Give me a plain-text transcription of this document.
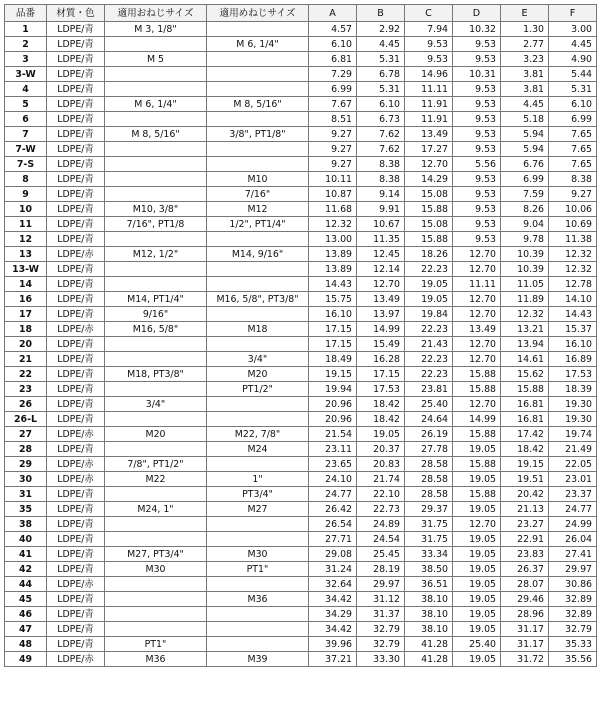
品番	材質・色	適用おねじサイズ	適用めねじサイズ	A	B	C	D	E	F
1	LDPE/青	M 3, 1/8"		4.57	2.92	7.94	10.32	1.30	3.00
2	LDPE/青		M 6, 1/4"	6.10	4.45	9.53	9.53	2.77	4.45
3	LDPE/青	M 5		6.81	5.31	9.53	9.53	3.23	4.90
3-W	LDPE/青			7.29	6.78	14.96	10.31	3.81	5.44
4	LDPE/青			6.99	5.31	11.11	9.53	3.81	5.31
5	LDPE/青	M 6, 1/4"	M 8, 5/16"	7.67	6.10	11.91	9.53	4.45	6.10
6	LDPE/青			8.51	6.73	11.91	9.53	5.18	6.99
7	LDPE/青	M 8, 5/16"	3/8", PT1/8"	9.27	7.62	13.49	9.53	5.94	7.65
7-W	LDPE/青			9.27	7.62	17.27	9.53	5.94	7.65
7-S	LDPE/青			9.27	8.38	12.70	5.56	6.76	7.65
8	LDPE/青		M10	10.11	8.38	14.29	9.53	6.99	8.38
9	LDPE/青		7/16"	10.87	9.14	15.08	9.53	7.59	9.27
10	LDPE/青	M10, 3/8"	M12	11.68	9.91	15.88	9.53	8.26	10.06
11	LDPE/青	7/16", PT1/8	1/2", PT1/4"	12.32	10.67	15.08	9.53	9.04	10.69
12	LDPE/青			13.00	11.35	15.88	9.53	9.78	11.38
13	LDPE/赤	M12, 1/2"	M14, 9/16"	13.89	12.45	18.26	12.70	10.39	12.32
13-W	LDPE/青			13.89	12.14	22.23	12.70	10.39	12.32
14	LDPE/青			14.43	12.70	19.05	11.11	11.05	12.78
16	LDPE/青	M14, PT1/4"	M16, 5/8", PT3/8"	15.75	13.49	19.05	12.70	11.89	14.10
17	LDPE/青	9/16"		16.10	13.97	19.84	12.70	12.32	14.43
18	LDPE/赤	M16, 5/8"	M18	17.15	14.99	22.23	13.49	13.21	15.37
20	LDPE/青			17.15	15.49	21.43	12.70	13.94	16.10
21	LDPE/青		3/4"	18.49	16.28	22.23	12.70	14.61	16.89
22	LDPE/青	M18, PT3/8"	M20	19.15	17.15	22.23	15.88	15.62	17.53
23	LDPE/青		PT1/2"	19.94	17.53	23.81	15.88	15.88	18.39
26	LDPE/青	3/4"		20.96	18.42	25.40	12.70	16.81	19.30
26-L	LDPE/青			20.96	18.42	24.64	14.99	16.81	19.30
27	LDPE/赤	M20	M22, 7/8"	21.54	19.05	26.19	15.88	17.42	19.74
28	LDPE/青		M24	23.11	20.37	27.78	19.05	18.42	21.49
29	LDPE/赤	7/8", PT1/2"		23.65	20.83	28.58	15.88	19.15	22.05
30	LDPE/赤	M22	1"	24.10	21.74	28.58	19.05	19.51	23.01
31	LDPE/青		PT3/4"	24.77	22.10	28.58	15.88	20.42	23.37
35	LDPE/青	M24, 1"	M27	26.42	22.73	29.37	19.05	21.13	24.77
38	LDPE/青			26.54	24.89	31.75	12.70	23.27	24.99
40	LDPE/青			27.71	24.54	31.75	19.05	22.91	26.04
41	LDPE/青	M27, PT3/4"	M30	29.08	25.45	33.34	19.05	23.83	27.41
42	LDPE/青	M30	PT1"	31.24	28.19	38.50	19.05	26.37	29.97
44	LDPE/赤			32.64	29.97	36.51	19.05	28.07	30.86
45	LDPE/青		M36	34.42	31.12	38.10	19.05	29.46	32.89
46	LDPE/青			34.29	31.37	38.10	19.05	28.96	32.89
47	LDPE/青			34.42	32.79	38.10	19.05	31.17	32.79
48	LDPE/青	PT1"		39.96	32.79	41.28	25.40	31.17	35.33
49	LDPE/赤	M36	M39	37.21	33.30	41.28	19.05	31.72	35.56
